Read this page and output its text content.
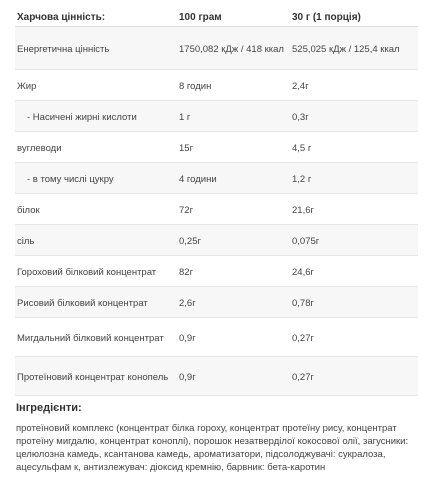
Харчова цінність:	100 грам	30 г (1 порція)
Енергетична цінність	1750,082 кДж / 418 ккал	525,025 кДж / 125,4 ккал
Жир	8 годин	2,4г
- Насичені жирні кислоти	1 г	0,3г
вуглеводи	15г	4,5 г
- в тому числі цукру	4 години	1,2 г
білок	72г	21,6г
сіль	0,25г	0,075г
Гороховий білковий концентрат	82г	24,6г
Рисовий білковий концентрат	2,6г	0,78г
Мигдальний білковий концентрат	0,9г	0,27г
Протеїновий концентрат конопель	0,9г	0,27г

Інгредієнти:

протеїновий комплекс (концентрат білка гороху, концентрат протеїну рису, концентрат протеїну мигдалю, концентрат коноплі), порошок незатверділої кокосової олії, загусники: целюлозна камедь, ксантанова камедь, ароматизатори, підсолоджувачі: сукралоза, ацесульфам к, антизлежувач: діоксид кремнію, барвник: бета-каротин
